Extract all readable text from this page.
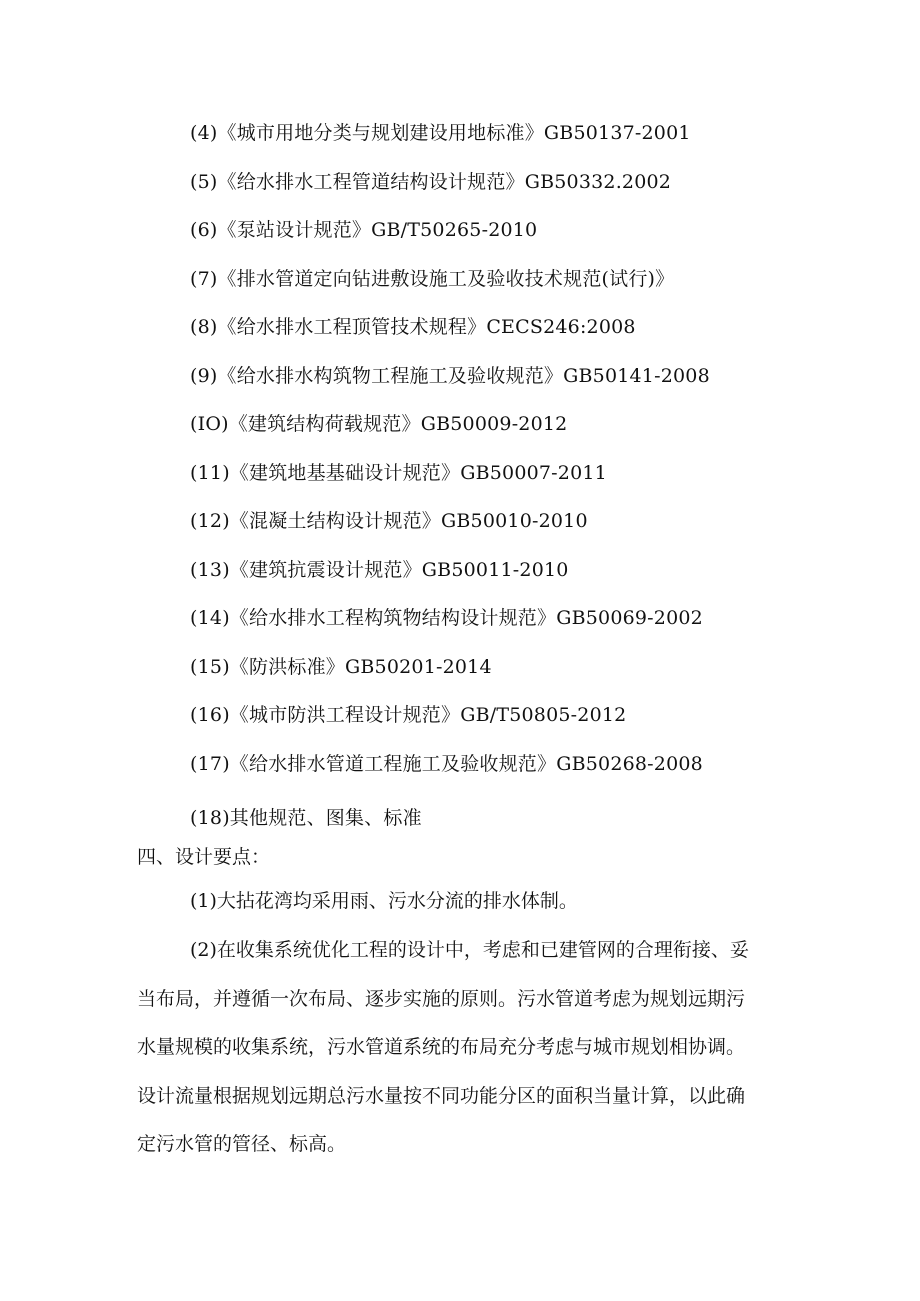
(4)《城市用地分类与规划建设用地标准》GB50137-2001
(5)《给水排水工程管道结构设计规范》GB50332.2002
(6)《泵站设计规范》GB/T50265-2010
(7)《排水管道定向钻进敷设施工及验收技术规范(试行)》
(8)《给水排水工程顶管技术规程》CECS246:2008
(9)《给水排水构筑物工程施工及验收规范》GB50141-2008
(IO)《建筑结构荷载规范》GB50009-2012
(11)《建筑地基基础设计规范》GB50007-2011
(12)《混凝土结构设计规范》GB50010-2010
(13)《建筑抗震设计规范》GB50011-2010
(14)《给水排水工程构筑物结构设计规范》GB50069-2002
(15)《防洪标准》GB50201-2014
(16)《城市防洪工程设计规范》GB/T50805-2012
(17)《给水排水管道工程施工及验收规范》GB50268-2008
(18)其他规范、图集、标准
四、设计要点：
(1)大拈花湾均采用雨、污水分流的排水体制。
(2)在收集系统优化工程的设计中，考虑和已建管网的合理衔接、妥
当布局，并遵循一次布局、逐步实施的原则。污水管道考虑为规划远期污
水量规模的收集系统，污水管道系统的布局充分考虑与城市规划相协调。
设计流量根据规划远期总污水量按不同功能分区的面积当量计算，以此确
定污水管的管径、标高。
